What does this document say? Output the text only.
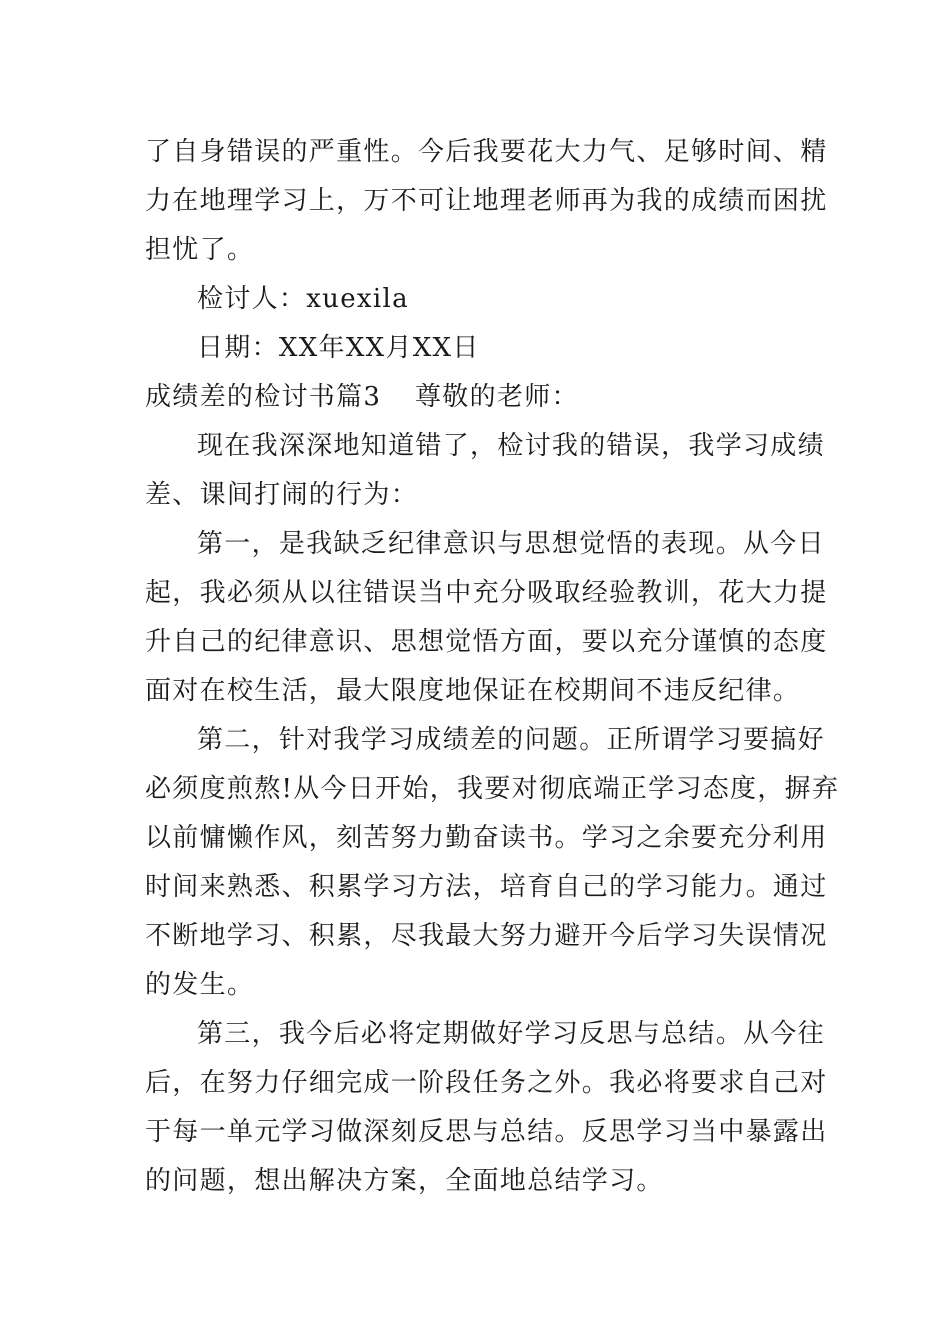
了自身错误的严重性。今后我要花大力气、足够时间、精
力在地理学习上，万不可让地理老师再为我的成绩而困扰
担忧了。
检讨人：xuexila
日期：XX年XX月XX日
成绩差的检讨书篇3	尊敬的老师：
现在我深深地知道错了，检讨我的错误，我学习成绩
差、课间打闹的行为：
第一，是我缺乏纪律意识与思想觉悟的表现。从今日
起，我必须从以往错误当中充分吸取经验教训，花大力提
升自己的纪律意识、思想觉悟方面，要以充分谨慎的态度
面对在校生活，最大限度地保证在校期间不违反纪律。
第二，针对我学习成绩差的问题。正所谓学习要搞好
必须度煎熬!从今日开始，我要对彻底端正学习态度，摒弃
以前慵懒作风，刻苦努力勤奋读书。学习之余要充分利用
时间来熟悉、积累学习方法，培育自己的学习能力。通过
不断地学习、积累，尽我最大努力避开今后学习失误情况
的发生。
第三，我今后必将定期做好学习反思与总结。从今往
后，在努力仔细完成一阶段任务之外。我必将要求自己对
于每一单元学习做深刻反思与总结。反思学习当中暴露出
的问题，想出解决方案，全面地总结学习。
